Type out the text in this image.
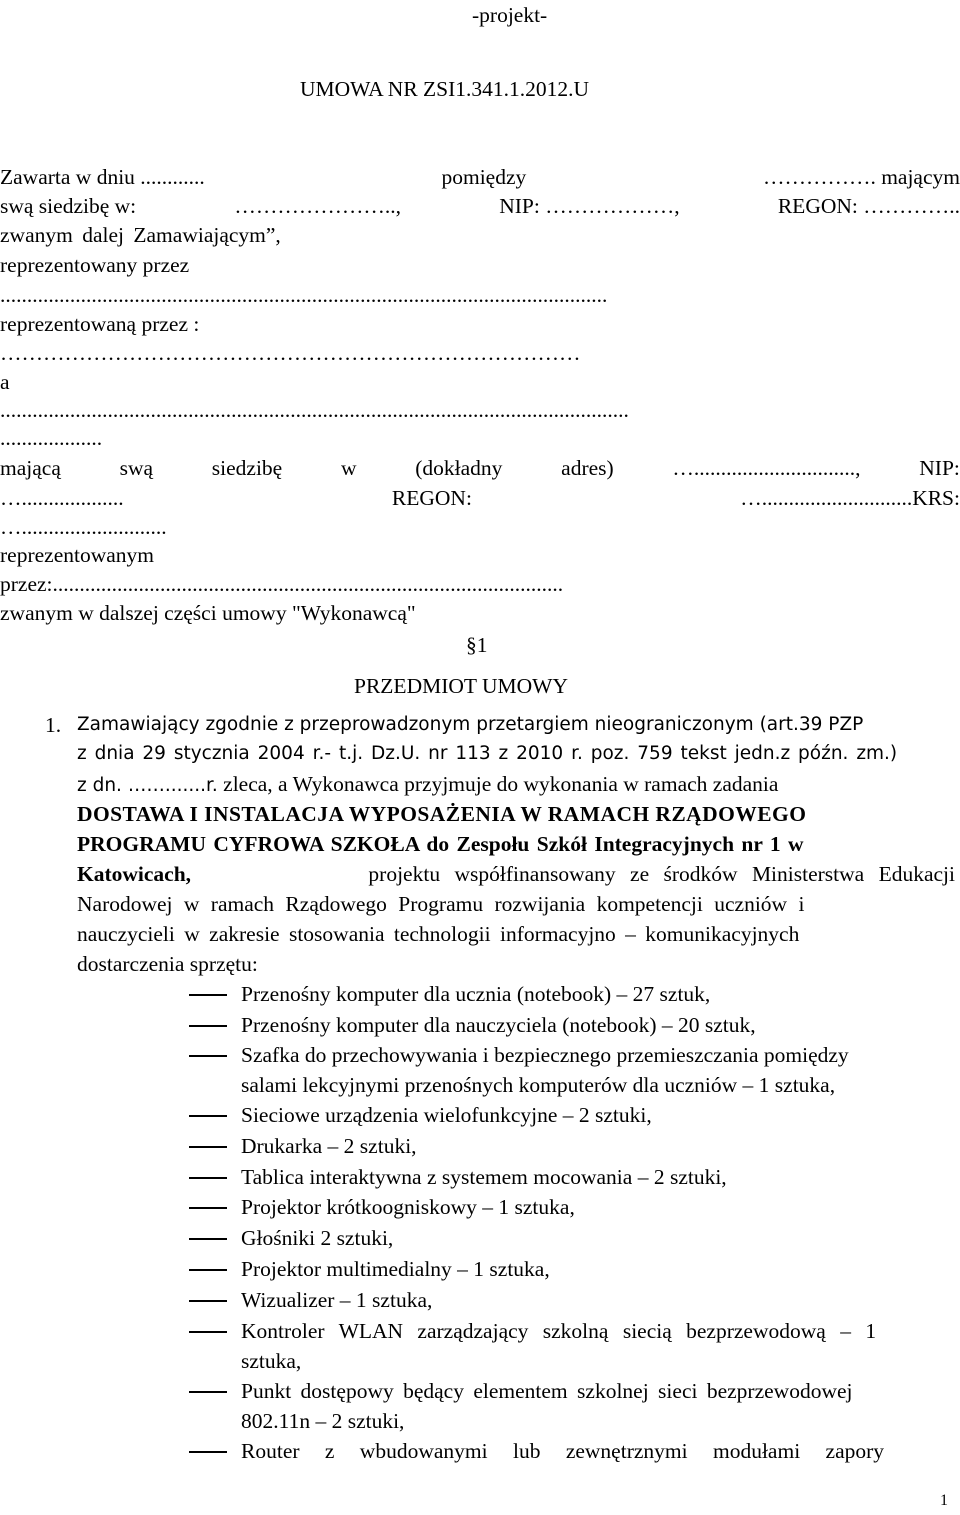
-projekt-
UMOWA NR ZSI1.341.1.2012.U
Zawarta w dniu ............	pomiędzy	……………. mającym
swą siedzibę w:	…………………..,	NIP: ………………,	REGON: …………..
zwanym dalej Zamawiającym”,
reprezentowany przez
.................................................................................................................
reprezentowaną przez :
………………………………………………………………………
a
.....................................................................................................................
...................
mającą	swą	siedzibę	w	(dokładny	adres)	…..............................,	NIP:
…...................	REGON:	…............................KRS:
…...........................
reprezentowanym
przez:...............................................................................................
zwanym w dalszej części umowy "Wykonawcą"
§1
PRZEDMIOT UMOWY
1. Zamawiający zgodnie z przeprowadzonym przetargiem nieograniczonym (art.39 PZP
z dnia 29 stycznia 2004 r.- t.j. Dz.U. nr 113 z 2010 r. poz. 759 tekst jedn.z późn. zm.)
z dn. …….......r. zleca, a Wykonawca przyjmuje do wykonania w ramach zadania
DOSTAWA I INSTALACJA WYPOSAŻENIA W RAMACH RZĄDOWEGO
PROGRAMU CYFROWA SZKOŁA do Zespołu Szkół Integracyjnych nr 1 w
Katowicach,	projektu współfinansowany ze środków Ministerstwa Edukacji
Narodowej w ramach Rządowego Programu rozwijania kompetencji uczniów i
nauczycieli w zakresie stosowania technologii informacyjno – komunikacyjnych
dostarczenia sprzętu:
Przenośny komputer dla ucznia (notebook) – 27 sztuk,
Przenośny komputer dla nauczyciela (notebook) – 20 sztuk,
Szafka do przechowywania i bezpiecznego przemieszczania pomiędzy
salami lekcyjnymi przenośnych komputerów dla uczniów – 1 sztuka,
Sieciowe urządzenia wielofunkcyjne – 2 sztuki,
Drukarka – 2 sztuki,
Tablica interaktywna z systemem mocowania – 2 sztuki,
Projektor krótkoogniskowy – 1 sztuka,
Głośniki 2 sztuki,
Projektor multimedialny – 1 sztuka,
Wizualizer – 1 sztuka,
Kontroler WLAN zarządzający szkolną siecią bezprzewodową – 1
sztuka,
Punkt dostępowy będący elementem szkolnej sieci bezprzewodowej
802.11n – 2 sztuki,
Router z wbudowanymi lub zewnętrznymi modułami zapory
1
